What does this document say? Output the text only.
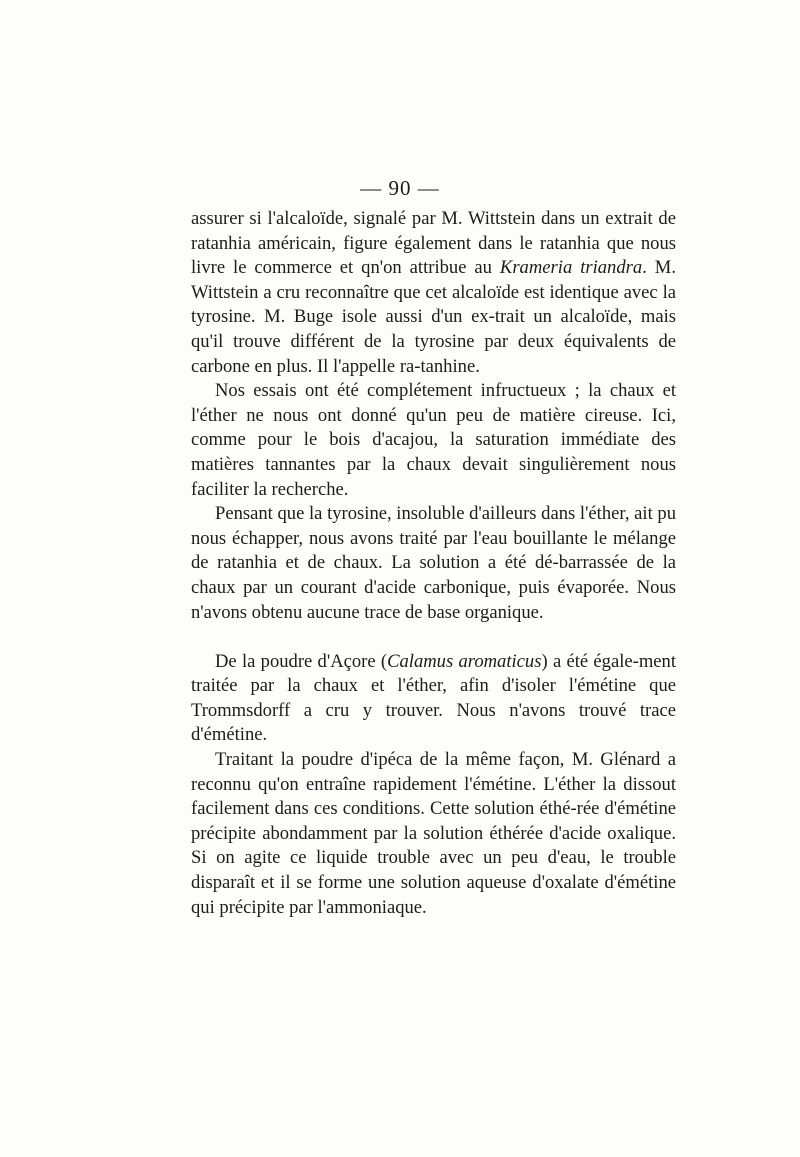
— 90 —

assurer si l'alcaloïde, signalé par M. Wittstein dans un extrait de ratanhia américain, figure également dans le ratanhia que nous livre le commerce et qn'on attribue au Krameria triandra. M. Wittstein a cru reconnaître que cet alcaloïde est identique avec la tyrosine. M. Buge isole aussi d'un ex-trait un alcaloïde, mais qu'il trouve différent de la tyrosine par deux équivalents de carbone en plus. Il l'appelle ra-tanhine.

Nos essais ont été complétement infructueux ; la chaux et l'éther ne nous ont donné qu'un peu de matière cireuse. Ici, comme pour le bois d'acajou, la saturation immédiate des matières tannantes par la chaux devait singulièrement nous faciliter la recherche.

Pensant que la tyrosine, insoluble d'ailleurs dans l'éther, ait pu nous échapper, nous avons traité par l'eau bouillante le mélange de ratanhia et de chaux. La solution a été dé-barrassée de la chaux par un courant d'acide carbonique, puis évaporée. Nous n'avons obtenu aucune trace de base organique.

De la poudre d'Açore (Calamus aromaticus) a été égale-ment traitée par la chaux et l'éther, afin d'isoler l'émétine que Trommsdorff a cru y trouver. Nous n'avons trouvé trace d'émétine.

Traitant la poudre d'ipéca de la même façon, M. Glénard a reconnu qu'on entraîne rapidement l'émétine. L'éther la dissout facilement dans ces conditions. Cette solution éthé-rée d'émétine précipite abondamment par la solution éthérée d'acide oxalique. Si on agite ce liquide trouble avec un peu d'eau, le trouble disparaît et il se forme une solution aqueuse d'oxalate d'émétine qui précipite par l'ammoniaque.
